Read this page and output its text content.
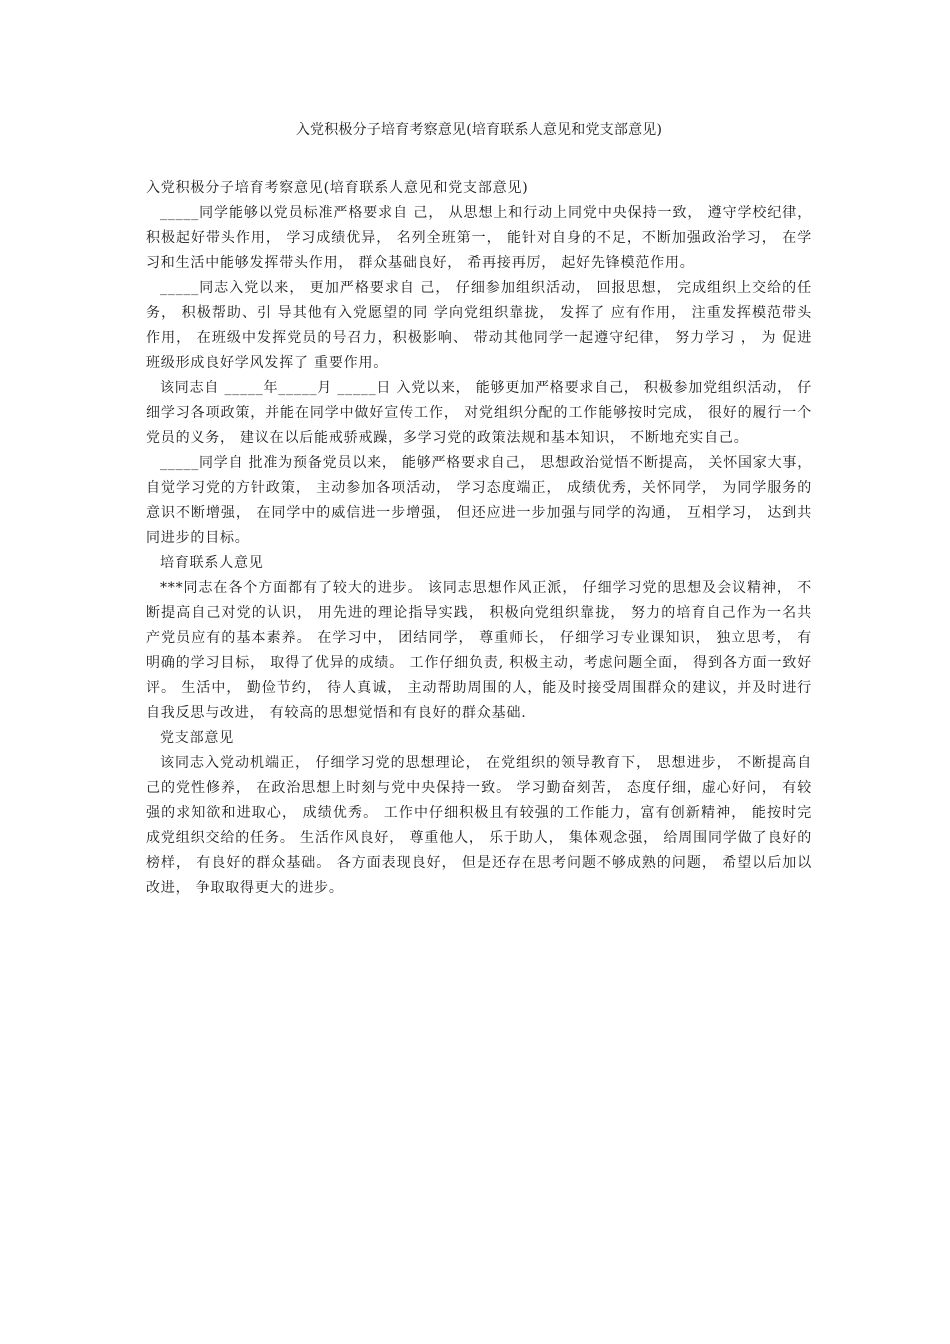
入党积极分子培育考察意见(培育联系人意见和党支部意见)

入党积极分子培育考察意见(培育联系人意见和党支部意见)

_____同学能够以党员标准严格要求自 己， 从思想上和行动上同党中央保持一致， 遵守学校纪律， 积极起好带头作用， 学习成绩优异， 名列全班第一， 能针对自身的不足，不断加强政治学习， 在学习和生活中能够发挥带头作用， 群众基础良好， 希再接再厉， 起好先锋模范作用。

_____同志入党以来， 更加严格要求自 己， 仔细参加组织活动， 回报思想， 完成组织上交给的任务， 积极帮助、引 导其他有入党愿望的同 学向党组织靠拢， 发挥了 应有作用， 注重发挥模范带头作用， 在班级中发挥党员的号召力，积极影响、 带动其他同学一起遵守纪律， 努力学习 ， 为 促进班级形成良好学风发挥了 重要作用。

该同志自 _____年_____月 _____日 入党以来， 能够更加严格要求自己， 积极参加党组织活动， 仔细学习各项政策，并能在同学中做好宣传工作， 对党组织分配的工作能够按时完成， 很好的履行一个党员的义务， 建议在以后能戒骄戒躁，多学习党的政策法规和基本知识， 不断地充实自己。

_____同学自 批准为预备党员以来， 能够严格要求自己， 思想政治觉悟不断提高， 关怀国家大事， 自觉学习党的方针政策， 主动参加各项活动， 学习态度端正， 成绩优秀，关怀同学， 为同学服务的意识不断增强， 在同学中的威信进一步增强， 但还应进一步加强与同学的沟通， 互相学习， 达到共同进步的目标。

培育联系人意见

***同志在各个方面都有了较大的进步。 该同志思想作风正派， 仔细学习党的思想及会议精神， 不断提高自己对党的认识， 用先进的理论指导实践， 积极向党组织靠拢， 努力的培育自己作为一名共产党员应有的基本素养。 在学习中， 团结同学， 尊重师长， 仔细学习专业课知识， 独立思考， 有明确的学习目标， 取得了优异的成绩。 工作仔细负责, 积极主动，考虑问题全面， 得到各方面一致好评。 生活中， 勤俭节约， 待人真诚， 主动帮助周围的人，能及时接受周围群众的建议，并及时进行自我反思与改进， 有较高的思想觉悟和有良好的群众基础.

党支部意见

该同志入党动机端正， 仔细学习党的思想理论， 在党组织的领导教育下， 思想进步， 不断提高自己的党性修养， 在政治思想上时刻与党中央保持一致。 学习勤奋刻苦， 态度仔细，虚心好问， 有较强的求知欲和进取心， 成绩优秀。 工作中仔细积极且有较强的工作能力，富有创新精神， 能按时完成党组织交给的任务。 生活作风良好， 尊重他人， 乐于助人， 集体观念强， 给周围同学做了良好的榜样， 有良好的群众基础。 各方面表现良好， 但是还存在思考问题不够成熟的问题， 希望以后加以改进， 争取取得更大的进步。
